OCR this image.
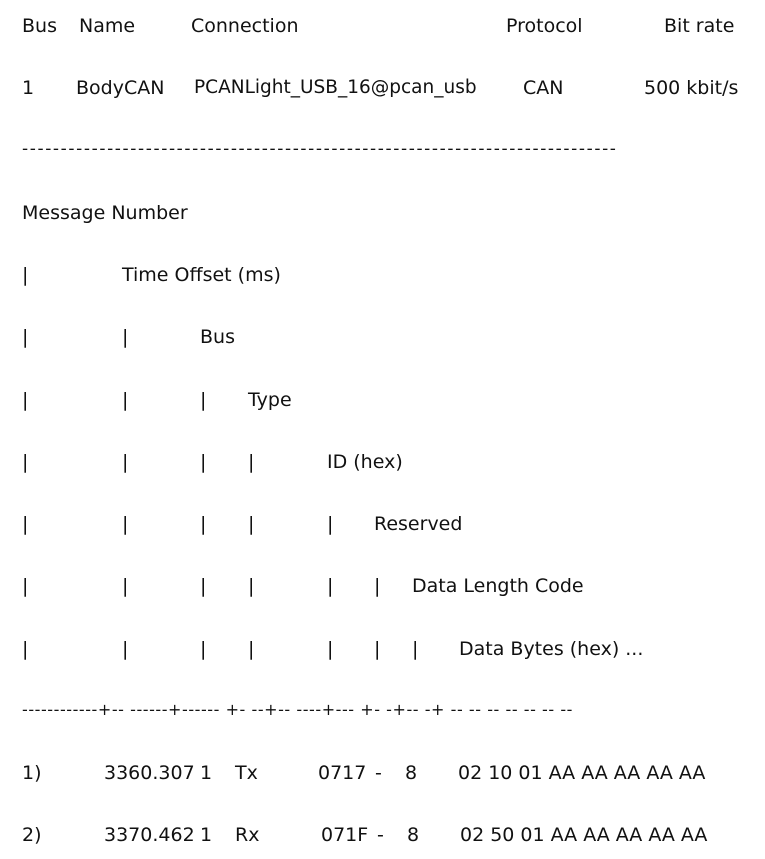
Bus Name	Connection	Protocol	Bit rate
1 BodyCAN PCANLight_USB_16@pcan_usb CAN	500 kbit/s
-----------------------------------------------------------------------------
Message Number
|	Time Offset (ms)
|	|	Bus
|	|	| Type
|	|	| |	ID (hex)
|	|	| |	| Reserved
|	|	| |	| | Data Length Code
|	|	| |	| | | Data Bytes (hex) ...
------------+-- ------+------ +- --+-- ----+--- +- -+-- -+ -- -- -- -- -- -- --
1)	3360.307 1 Tx	0717 - 8 02 10 01 AA AA AA AA AA
2)	3370.462 1 Rx	071F - 8 02 50 01 AA AA AA AA AA
